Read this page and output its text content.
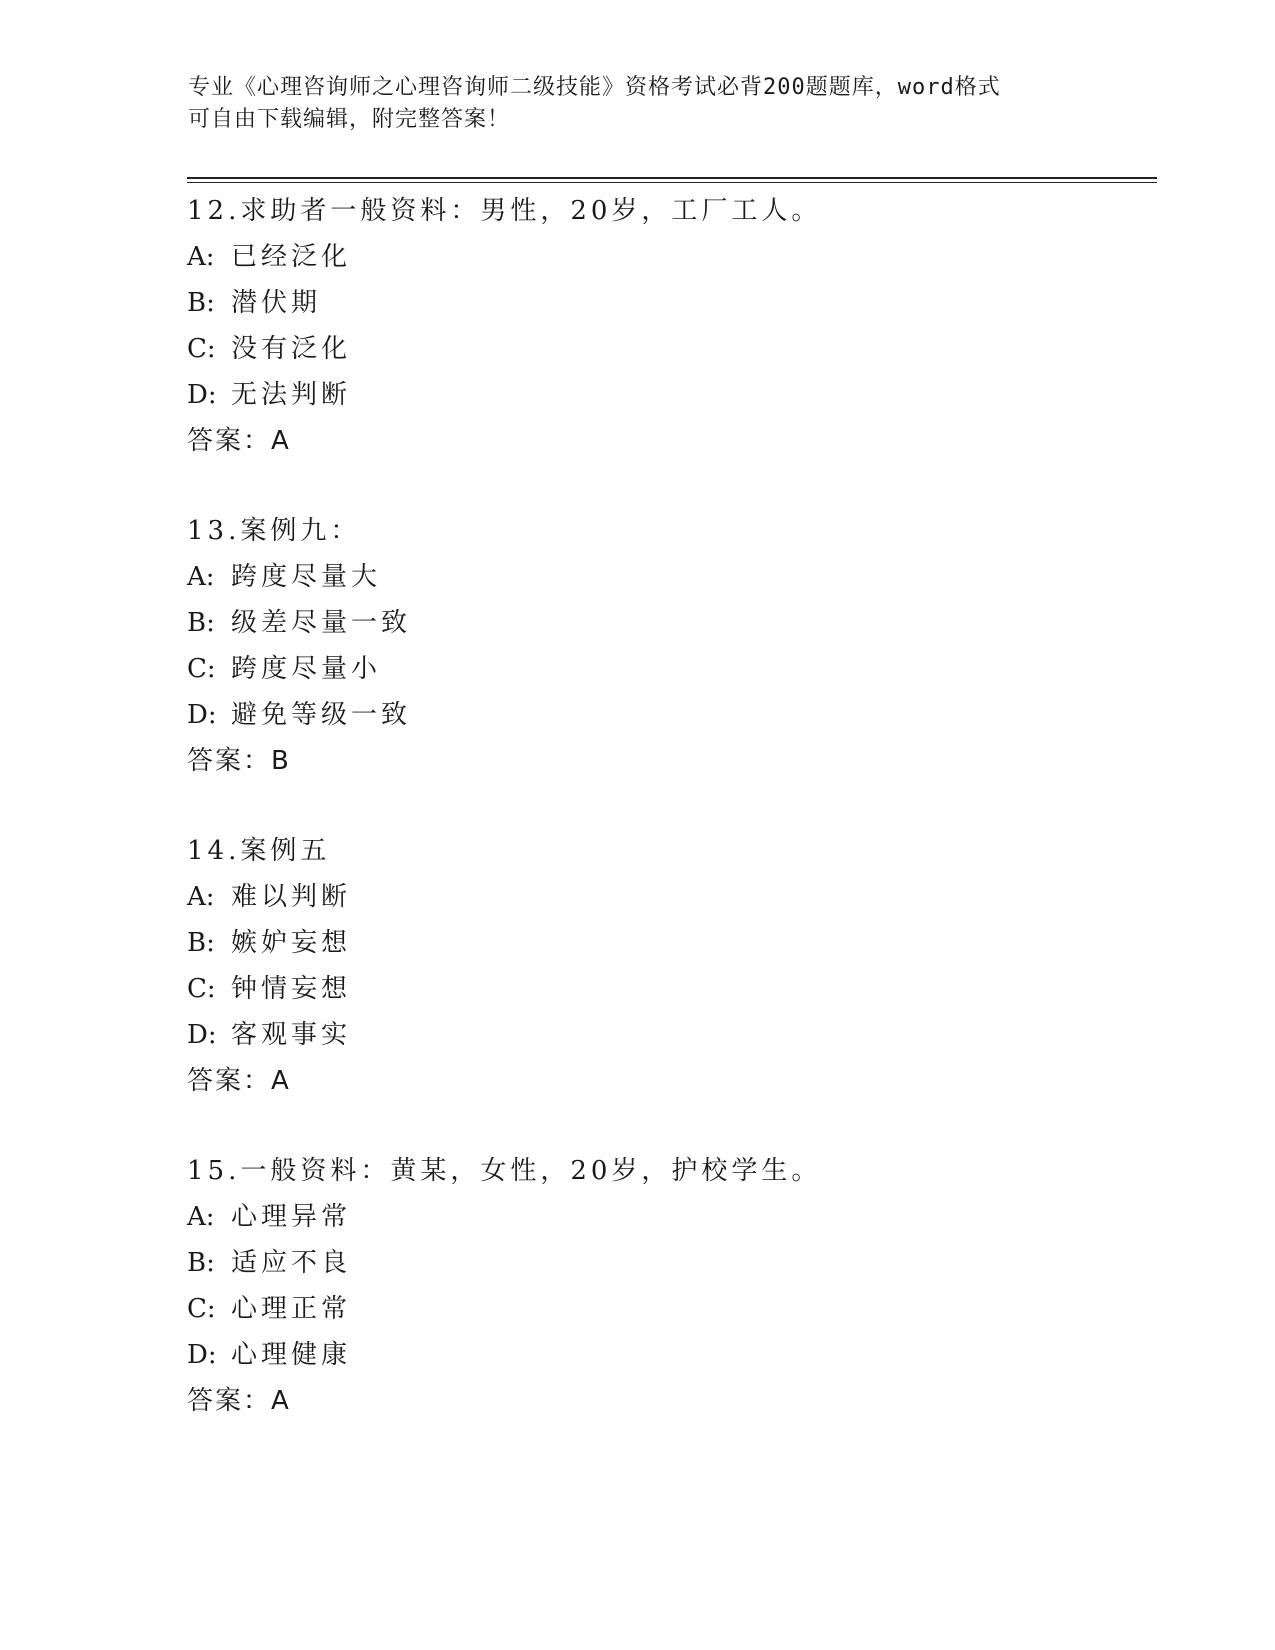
专业《心理咨询师之心理咨询师二级技能》资格考试必背200题题库，word格式
可自由下载编辑，附完整答案！
12.求助者一般资料：男性，20岁，工厂工人。
A: 已经泛化
B: 潜伏期
C: 没有泛化
D: 无法判断
答案：A
13.案例九：
A: 跨度尽量大
B: 级差尽量一致
C: 跨度尽量小
D: 避免等级一致
答案：B
14.案例五
A: 难以判断
B: 嫉妒妄想
C: 钟情妄想
D: 客观事实
答案：A
15.一般资料：黄某，女性，20岁，护校学生。
A: 心理异常
B: 适应不良
C: 心理正常
D: 心理健康
答案：A
